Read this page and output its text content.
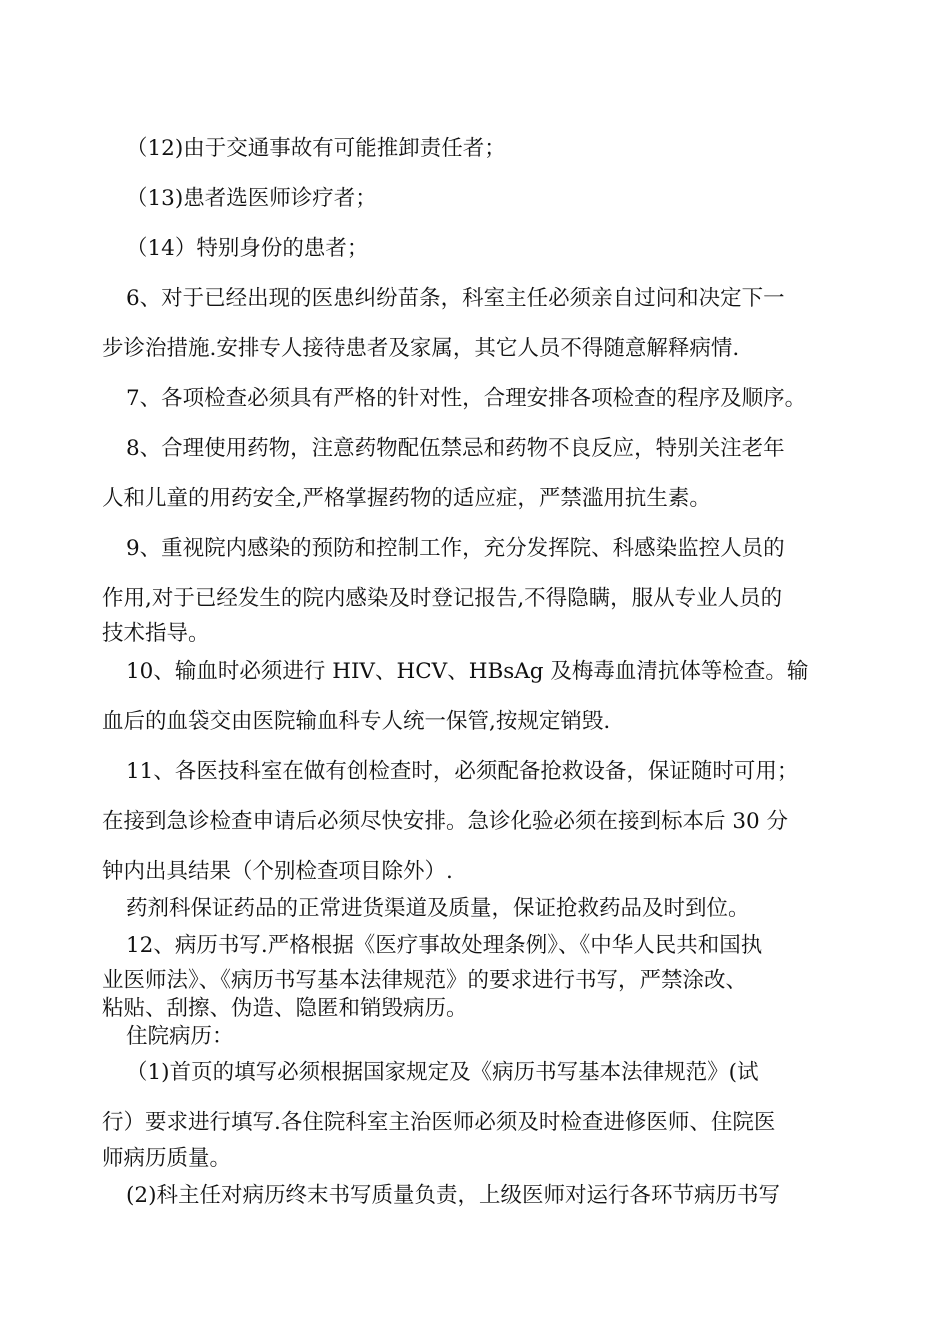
（12)由于交通事故有可能推卸责任者；
（13)患者选医师诊疗者；
（14）特别身份的患者；
6、对于已经出现的医患纠纷苗条，科室主任必须亲自过问和决定下一
步诊治措施.安排专人接待患者及家属，其它人员不得随意解释病情.
7、各项检查必须具有严格的针对性，合理安排各项检查的程序及顺序。
8、合理使用药物，注意药物配伍禁忌和药物不良反应，特别关注老年
人和儿童的用药安全,严格掌握药物的适应症，严禁滥用抗生素。
9、重视院内感染的预防和控制工作，充分发挥院、科感染监控人员的
作用,对于已经发生的院内感染及时登记报告,不得隐瞒，服从专业人员的
技术指导。
10、输血时必须进行 HIV、HCV、HBsAg 及梅毒血清抗体等检查。输
血后的血袋交由医院输血科专人统一保管,按规定销毁.
11、各医技科室在做有创检查时，必须配备抢救设备，保证随时可用；
在接到急诊检查申请后必须尽快安排。急诊化验必须在接到标本后 30 分
钟内出具结果（个别检查项目除外）.
药剂科保证药品的正常进货渠道及质量，保证抢救药品及时到位。
12、病历书写.严格根据《医疗事故处理条例》、《中华人民共和国执
业医师法》、《病历书写基本法律规范》的要求进行书写，严禁涂改、
粘贴、刮擦、伪造、隐匿和销毁病历。
住院病历：
（1)首页的填写必须根据国家规定及《病历书写基本法律规范》(试
行）要求进行填写.各住院科室主治医师必须及时检查进修医师、住院医
师病历质量。
(2)科主任对病历终末书写质量负责，上级医师对运行各环节病历书写
